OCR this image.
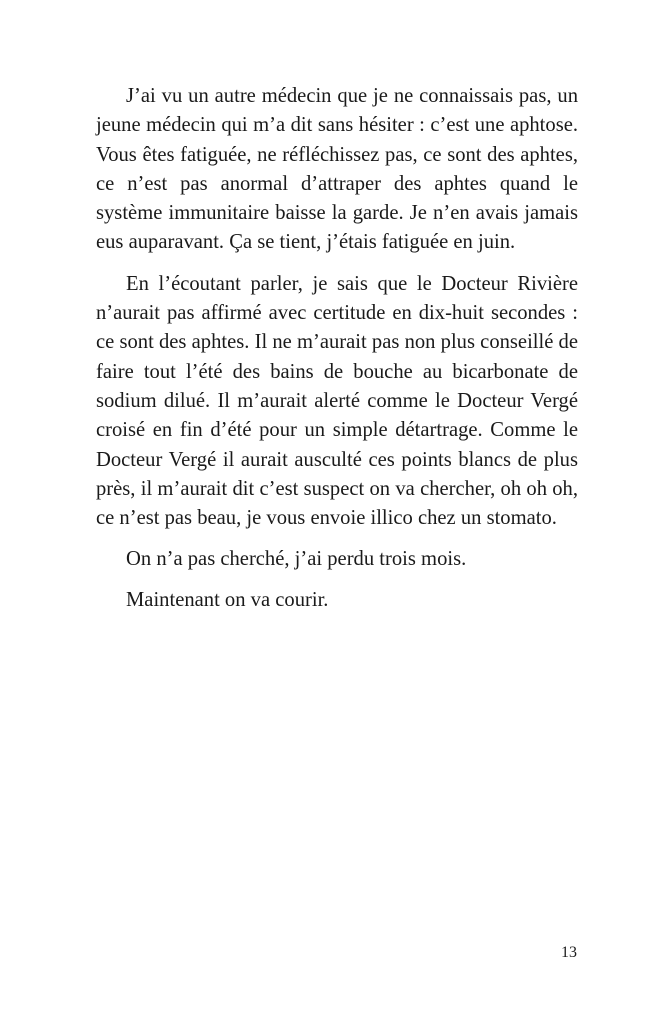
J’ai vu un autre médecin que je ne connaissais pas, un jeune médecin qui m’a dit sans hésiter : c’est une aphtose. Vous êtes fatiguée, ne réfléchissez pas, ce sont des aphtes, ce n’est pas anormal d’attraper des aphtes quand le système immunitaire baisse la garde. Je n’en avais jamais eus auparavant. Ça se tient, j’étais fatiguée en juin.

En l’écoutant parler, je sais que le Docteur Rivière n’aurait pas affirmé avec certitude en dix-huit secondes : ce sont des aphtes. Il ne m’aurait pas non plus conseillé de faire tout l’été des bains de bouche au bicarbonate de sodium dilué. Il m’aurait alerté comme le Docteur Vergé croisé en fin d’été pour un simple détartrage. Comme le Docteur Vergé il aurait ausculté ces points blancs de plus près, il m’aurait dit c’est suspect on va chercher, oh oh oh, ce n’est pas beau, je vous envoie illico chez un stomato.

On n’a pas cherché, j’ai perdu trois mois.

Maintenant on va courir.

13
